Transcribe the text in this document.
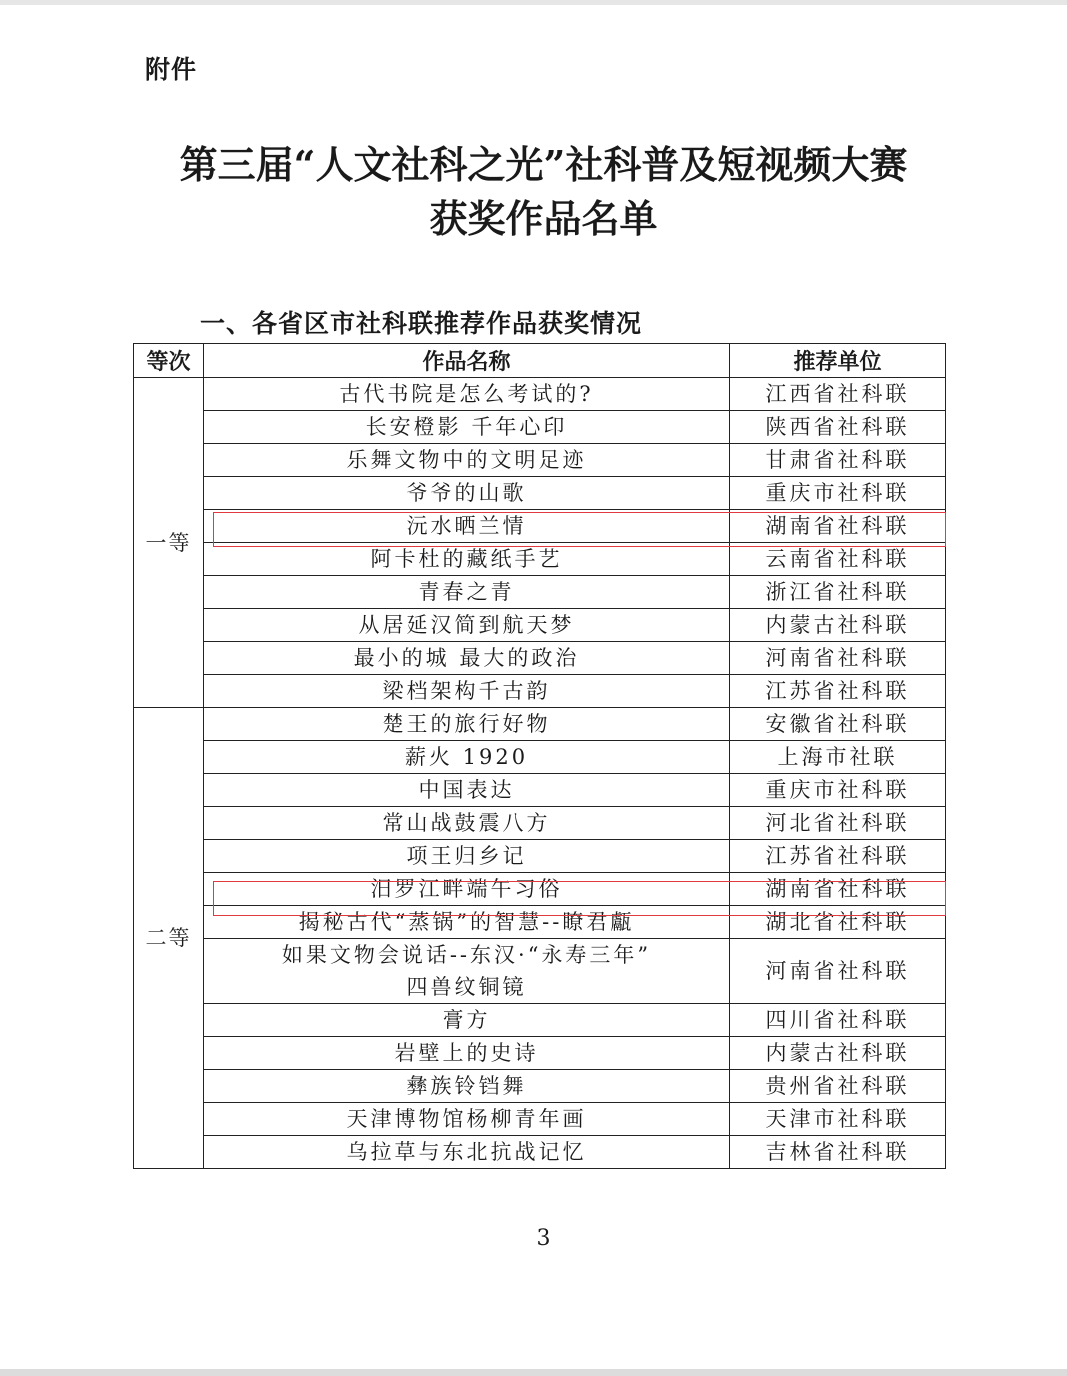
附件
第三届“人文社科之光”社科普及短视频大赛
获奖作品名单
一、各省区市社科联推荐作品获奖情况
等次	作品名称	推荐单位
一等	古代书院是怎么考试的?	江西省社科联
	长安橙影 千年心印	陕西省社科联
	乐舞文物中的文明足迹	甘肃省社科联
	爷爷的山歌	重庆市社科联
	沅水晒兰情	湖南省社科联
	阿卡杜的藏纸手艺	云南省社科联
	青春之青	浙江省社科联
	从居延汉简到航天梦	内蒙古社科联
	最小的城 最大的政治	河南省社科联
	梁档架构千古韵	江苏省社科联
二等	楚王的旅行好物	安徽省社科联
	薪火 1920	上海市社联
	中国表达	重庆市社科联
	常山战鼓震八方	河北省社科联
	项王归乡记	江苏省社科联
	汨罗江畔端午习俗	湖南省社科联
	揭秘古代“蒸锅”的智慧--瞭君甗	湖北省社科联

	如果文物会说话--东汉·“永寿三年”
四兽纹铜镜	河南省社科联
	膏方	四川省社科联
	岩壁上的史诗	内蒙古社科联
	彝族铃铛舞	贵州省社科联
	天津博物馆杨柳青年画	天津市社科联
	乌拉草与东北抗战记忆	吉林省社科联
3
